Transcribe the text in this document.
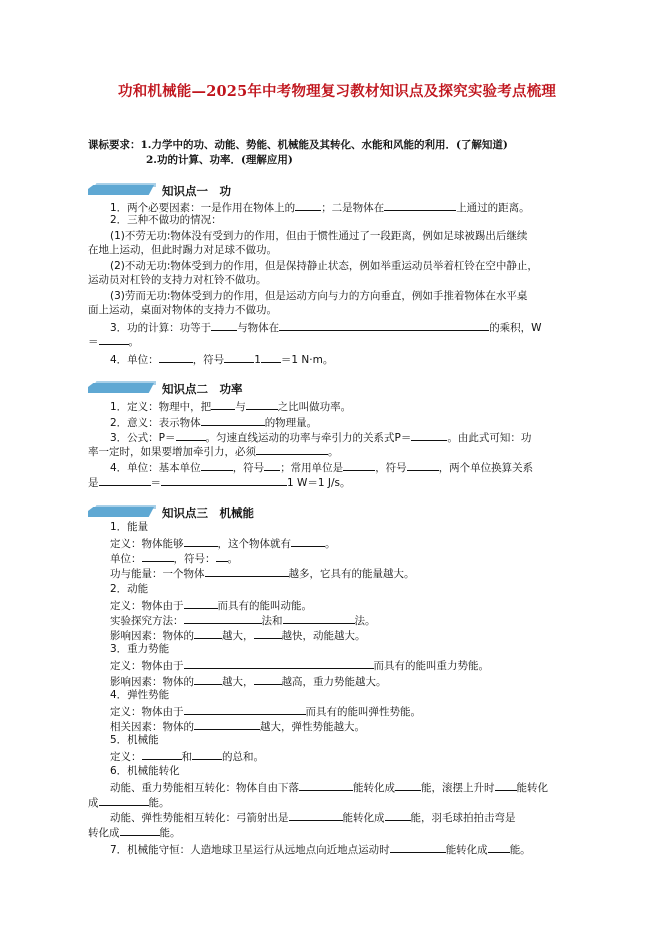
功和机械能—2025年中考物理复习教材知识点及探究实验考点梳理
课标要求：1.力学中的功、动能、势能、机械能及其转化、水能和风能的利用．(了解知道)
2.功的计算、功率．(理解应用)
知识点一　功
1．两个必要因素：一是作用在物体上的 ；二是物体在	上通过的距离。
2．三种不做功的情况：
(1)不劳无功:物体没有受到力的作用，但由于惯性通过了一段距离，例如足球被踢出后继续
在地上运动，但此时踢力对足球不做功。
(2)不动无功:物体受到力的作用，但是保持静止状态，例如举重运动员举着杠铃在空中静止，
运动员对杠铃的支持力对杠铃不做功。
(3)劳而无功:物体受到力的作用，但是运动方向与力的方向垂直，例如手推着物体在水平桌
面上运动，桌面对物体的支持力不做功。
3．功的计算：功等于 与物体在	的乘积，W
＝	。
4．单位：	，符号	1 ＝1 N·m。
知识点二　功率
1．定义：物理中，把 与	之比叫做功率。
2．意义：表示物体	的物理量。
3．公式：P＝	。匀速直线运动的功率与牵引力的关系式P＝	。由此式可知：功
率一定时，如果要增加牵引力，必须	。
4．单位：基本单位	，符号 ；常用单位是	，符号	，两个单位换算关系
是	＝	1 W＝1 J/s。
知识点三　机械能
1．能量
定义：物体能够	，这个物体就有	。
单位：	，符号： 。
功与能量：一个物体	越多，它具有的能量越大。
2．动能
定义：物体由于	而具有的能叫动能。
实验探究方法：	法和	法。
影响因素：物体的	越大，	越快，动能越大。
3．重力势能
定义：物体由于	而具有的能叫重力势能。
影响因素：物体的	越大，	越高，重力势能越大。
4．弹性势能
定义：物体由于	而具有的能叫弹性势能。
相关因素：物体的	越大，弹性势能越大。
5．机械能
定义：	和	的总和。
6．机械能转化
动能、重力势能相互转化：物体自由下落	能转化成 能，滚摆上升时 能转化
成	能。
动能、弹性势能相互转化：弓箭射出是	能转化成 能，羽毛球拍拍击弯是
转化成	能。
7．机械能守恒：人造地球卫星运行从远地点向近地点运动时	能转化成 能。
